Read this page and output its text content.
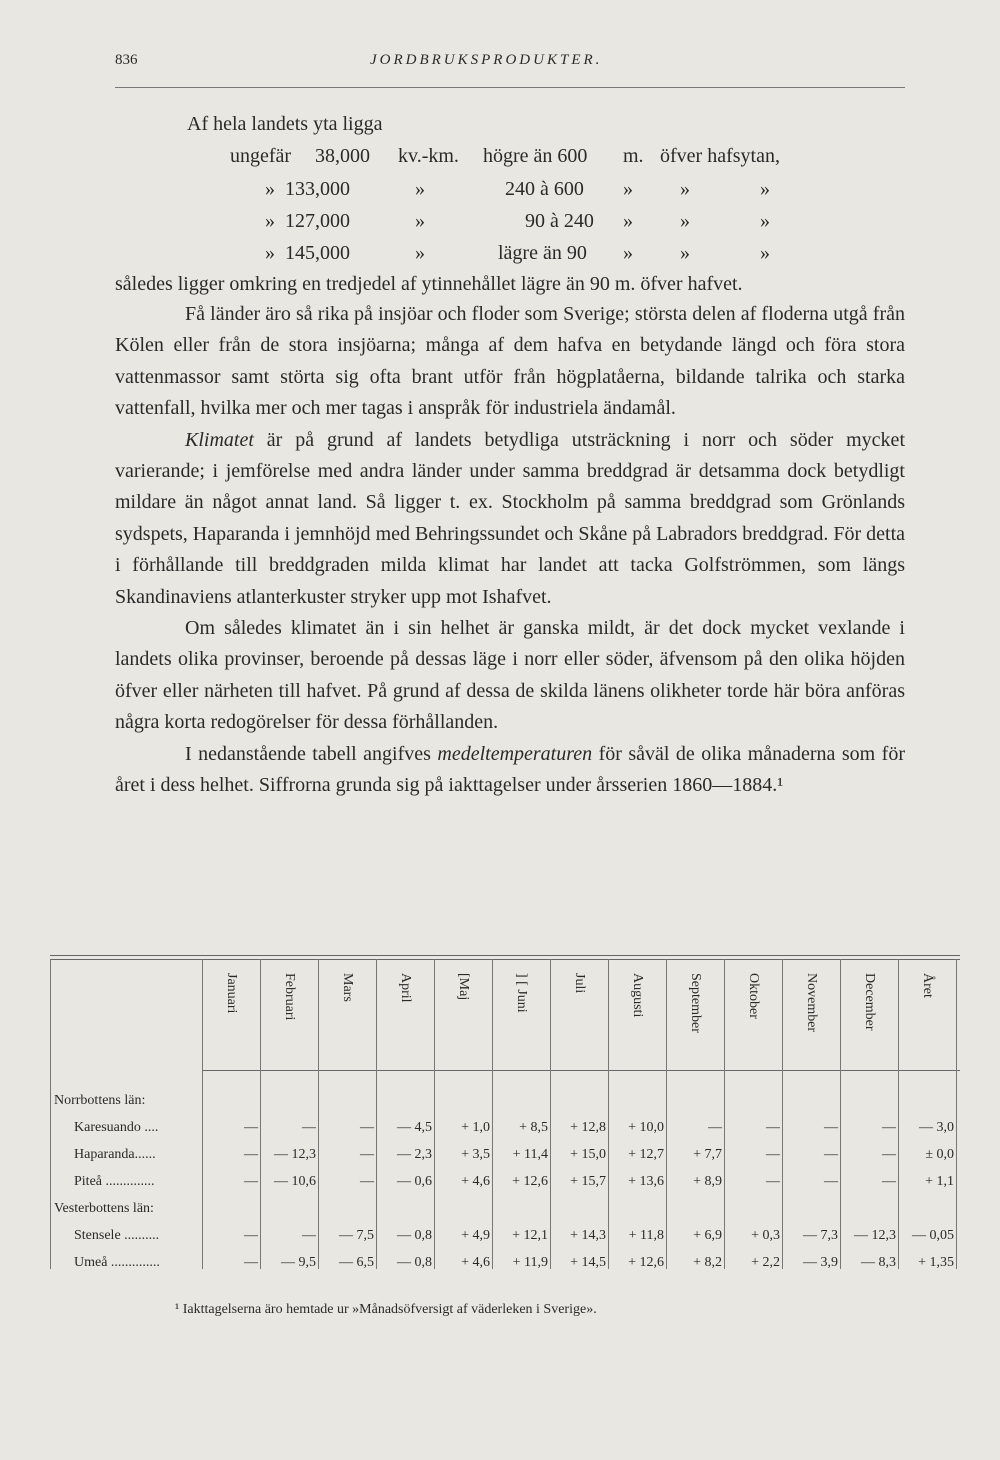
836	JORDBRUKSPRODUKTER.
Af hela landets yta ligga
ungefär 38,000 kv.-km. högre än 600 m. öfver hafsytan,
» 133,000	»	240 à 600 » »	»
» 127,000	»	90 à 240 » »	»
» 145,000	»	lägre än 90 » »	»
således ligger omkring en tredjedel af ytinnehållet lägre än 90 m. öfver hafvet.

Få länder äro så rika på insjöar och floder som Sverige; största delen af floderna utgå från Kölen eller från de stora insjöarna; många af dem hafva en betydande längd och föra stora vattenmassor samt störta sig ofta brant utför från högplatåerna, bildande talrika och starka vattenfall, hvilka mer och mer tagas i anspråk för industriela ändamål.

Klimatet är på grund af landets betydliga utsträckning i norr och söder mycket varierande; i jemförelse med andra länder under samma breddgrad är detsamma dock betydligt mildare än något annat land. Så ligger t. ex. Stockholm på samma breddgrad som Grönlands sydspets, Haparanda i jemnhöjd med Behringssundet och Skåne på Labradors breddgrad. För detta i förhållande till breddgraden milda klimat har landet att tacka Golfströmmen, som längs Skandinaviens atlanterkuster stryker upp mot Ishafvet.

Om således klimatet än i sin helhet är ganska mildt, är det dock mycket vexlande i landets olika provinser, beroende på dessas läge i norr eller söder, äfvensom på den olika höjden öfver eller närheten till hafvet. På grund af dessa de skilda länens olikheter torde här böra anföras några korta redogörelser för dessa förhållanden.

I nedanstående tabell angifves medeltemperaturen för såväl de olika månaderna som för året i dess helhet. Siffrorna grunda sig på iakttagelser under årsserien 1860—1884.¹

Januari	Februari	Mars	April	[Maj	] [ Juni	Juli	Augusti	September	Oktober	November	December	Året
Norrbottens län:
Karesuando ....	—	—	—	— 4,5	+ 1,0	+ 8,5	+ 12,8	+ 10,0	—	—	—	—	— 3,0
Haparanda......	—	— 12,3	—	— 2,3	+ 3,5	+ 11,4	+ 15,0	+ 12,7	+ 7,7	—	—	—	± 0,0
Piteå ..............	—	— 10,6	—	— 0,6	+ 4,6	+ 12,6	+ 15,7	+ 13,6	+ 8,9	—	—	—	+ 1,1
Vesterbottens län:
Stensele ..........	—	—	— 7,5	— 0,8	+ 4,9	+ 12,1	+ 14,3	+ 11,8	+ 6,9	+ 0,3	— 7,3	— 12,3	— 0,05
Umeå ..............	—	— 9,5	— 6,5	— 0,8	+ 4,6	+ 11,9	+ 14,5	+ 12,6	+ 8,2	+ 2,2	— 3,9	— 8,3	+ 1,35
¹ Iakttagelserna äro hemtade ur »Månadsöfversigt af väderleken i Sverige».
